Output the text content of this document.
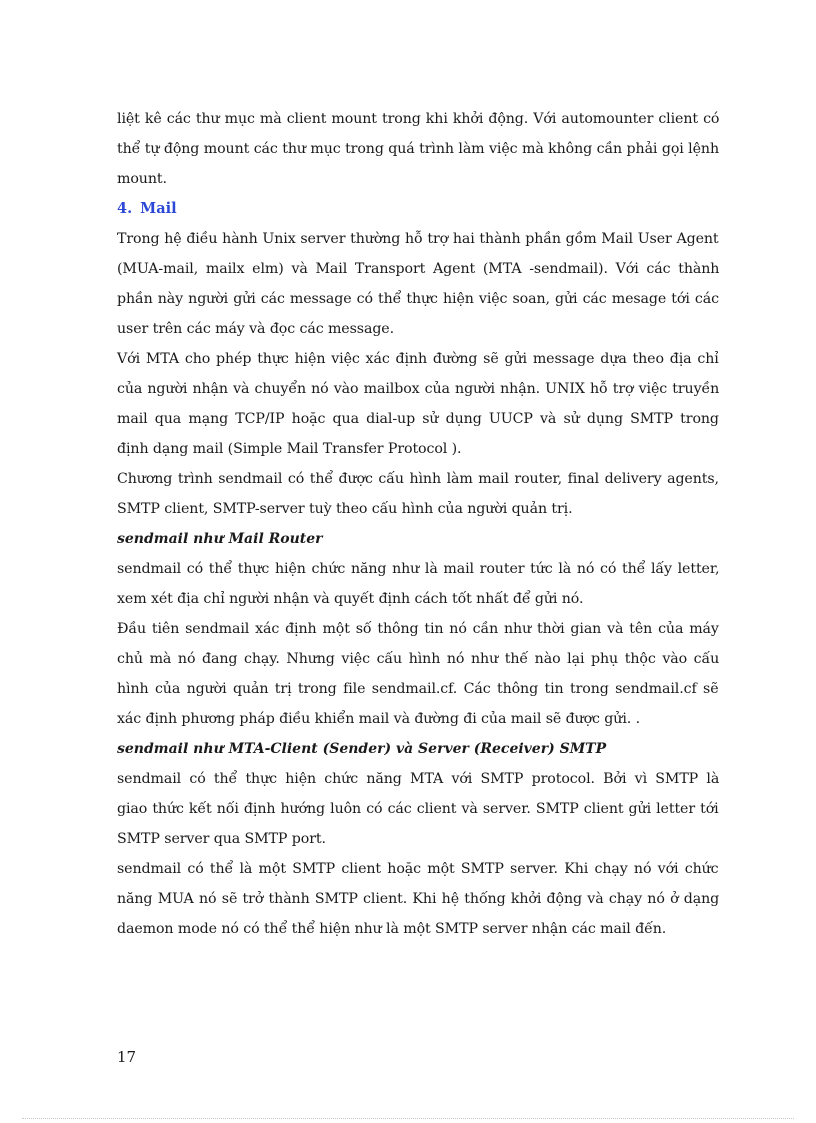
liệt kê các thư mục mà client mount trong khi khởi động. Với automounter client có
thể tự động mount các thư mục trong quá trình làm việc mà không cần phải gọi lệnh
mount.
4. Mail
Trong hệ điều hành Unix server thường hỗ trợ hai thành phần gồm Mail User Agent
(MUA-mail, mailx elm) và Mail Transport Agent (MTA -sendmail). Với các thành
phần này người gửi các message có thể thực hiện việc soan, gửi các mesage tới các
user trên các máy và đọc các message.
Với MTA cho phép thực hiện việc xác định đường sẽ gửi message dựa theo địa chỉ
của người nhận và chuyển nó vào mailbox của người nhận. UNIX hỗ trợ việc truyền
mail qua mạng TCP/IP hoặc qua dial-up sử dụng UUCP và sử dụng SMTP trong
định dạng mail (Simple Mail Transfer Protocol ).
Chương trình sendmail có thể được cấu hình làm mail router, final delivery agents,
SMTP client, SMTP-server tuỳ theo cấu hình của người quản trị.
sendmail như Mail Router
sendmail có thể thực hiện chức năng như là mail router tức là nó có thể lấy letter,
xem xét địa chỉ người nhận và quyết định cách tốt nhất để gửi nó.
Đầu tiên sendmail xác định một số thông tin nó cần như thời gian và tên của máy
chủ mà nó đang chạy. Nhưng việc cấu hình nó như thế nào lại phụ thộc vào cấu
hình của người quản trị trong file sendmail.cf. Các thông tin trong sendmail.cf sẽ
xác định phương pháp điều khiển mail và đường đi của mail sẽ được gửi. .
sendmail như MTA-Client (Sender) và Server (Receiver) SMTP
sendmail có thể thực hiện chức năng MTA với SMTP protocol. Bởi vì SMTP là
giao thức kết nối định hướng luôn có các client và server. SMTP client gửi letter tới
SMTP server qua SMTP port.
sendmail có thể là một SMTP client hoặc một SMTP server. Khi chạy nó với chức
năng MUA nó sẽ trở thành SMTP client. Khi hệ thống khởi động và chạy nó ở dạng
daemon mode nó có thể thể hiện như là một SMTP server nhận các mail đến.
17
